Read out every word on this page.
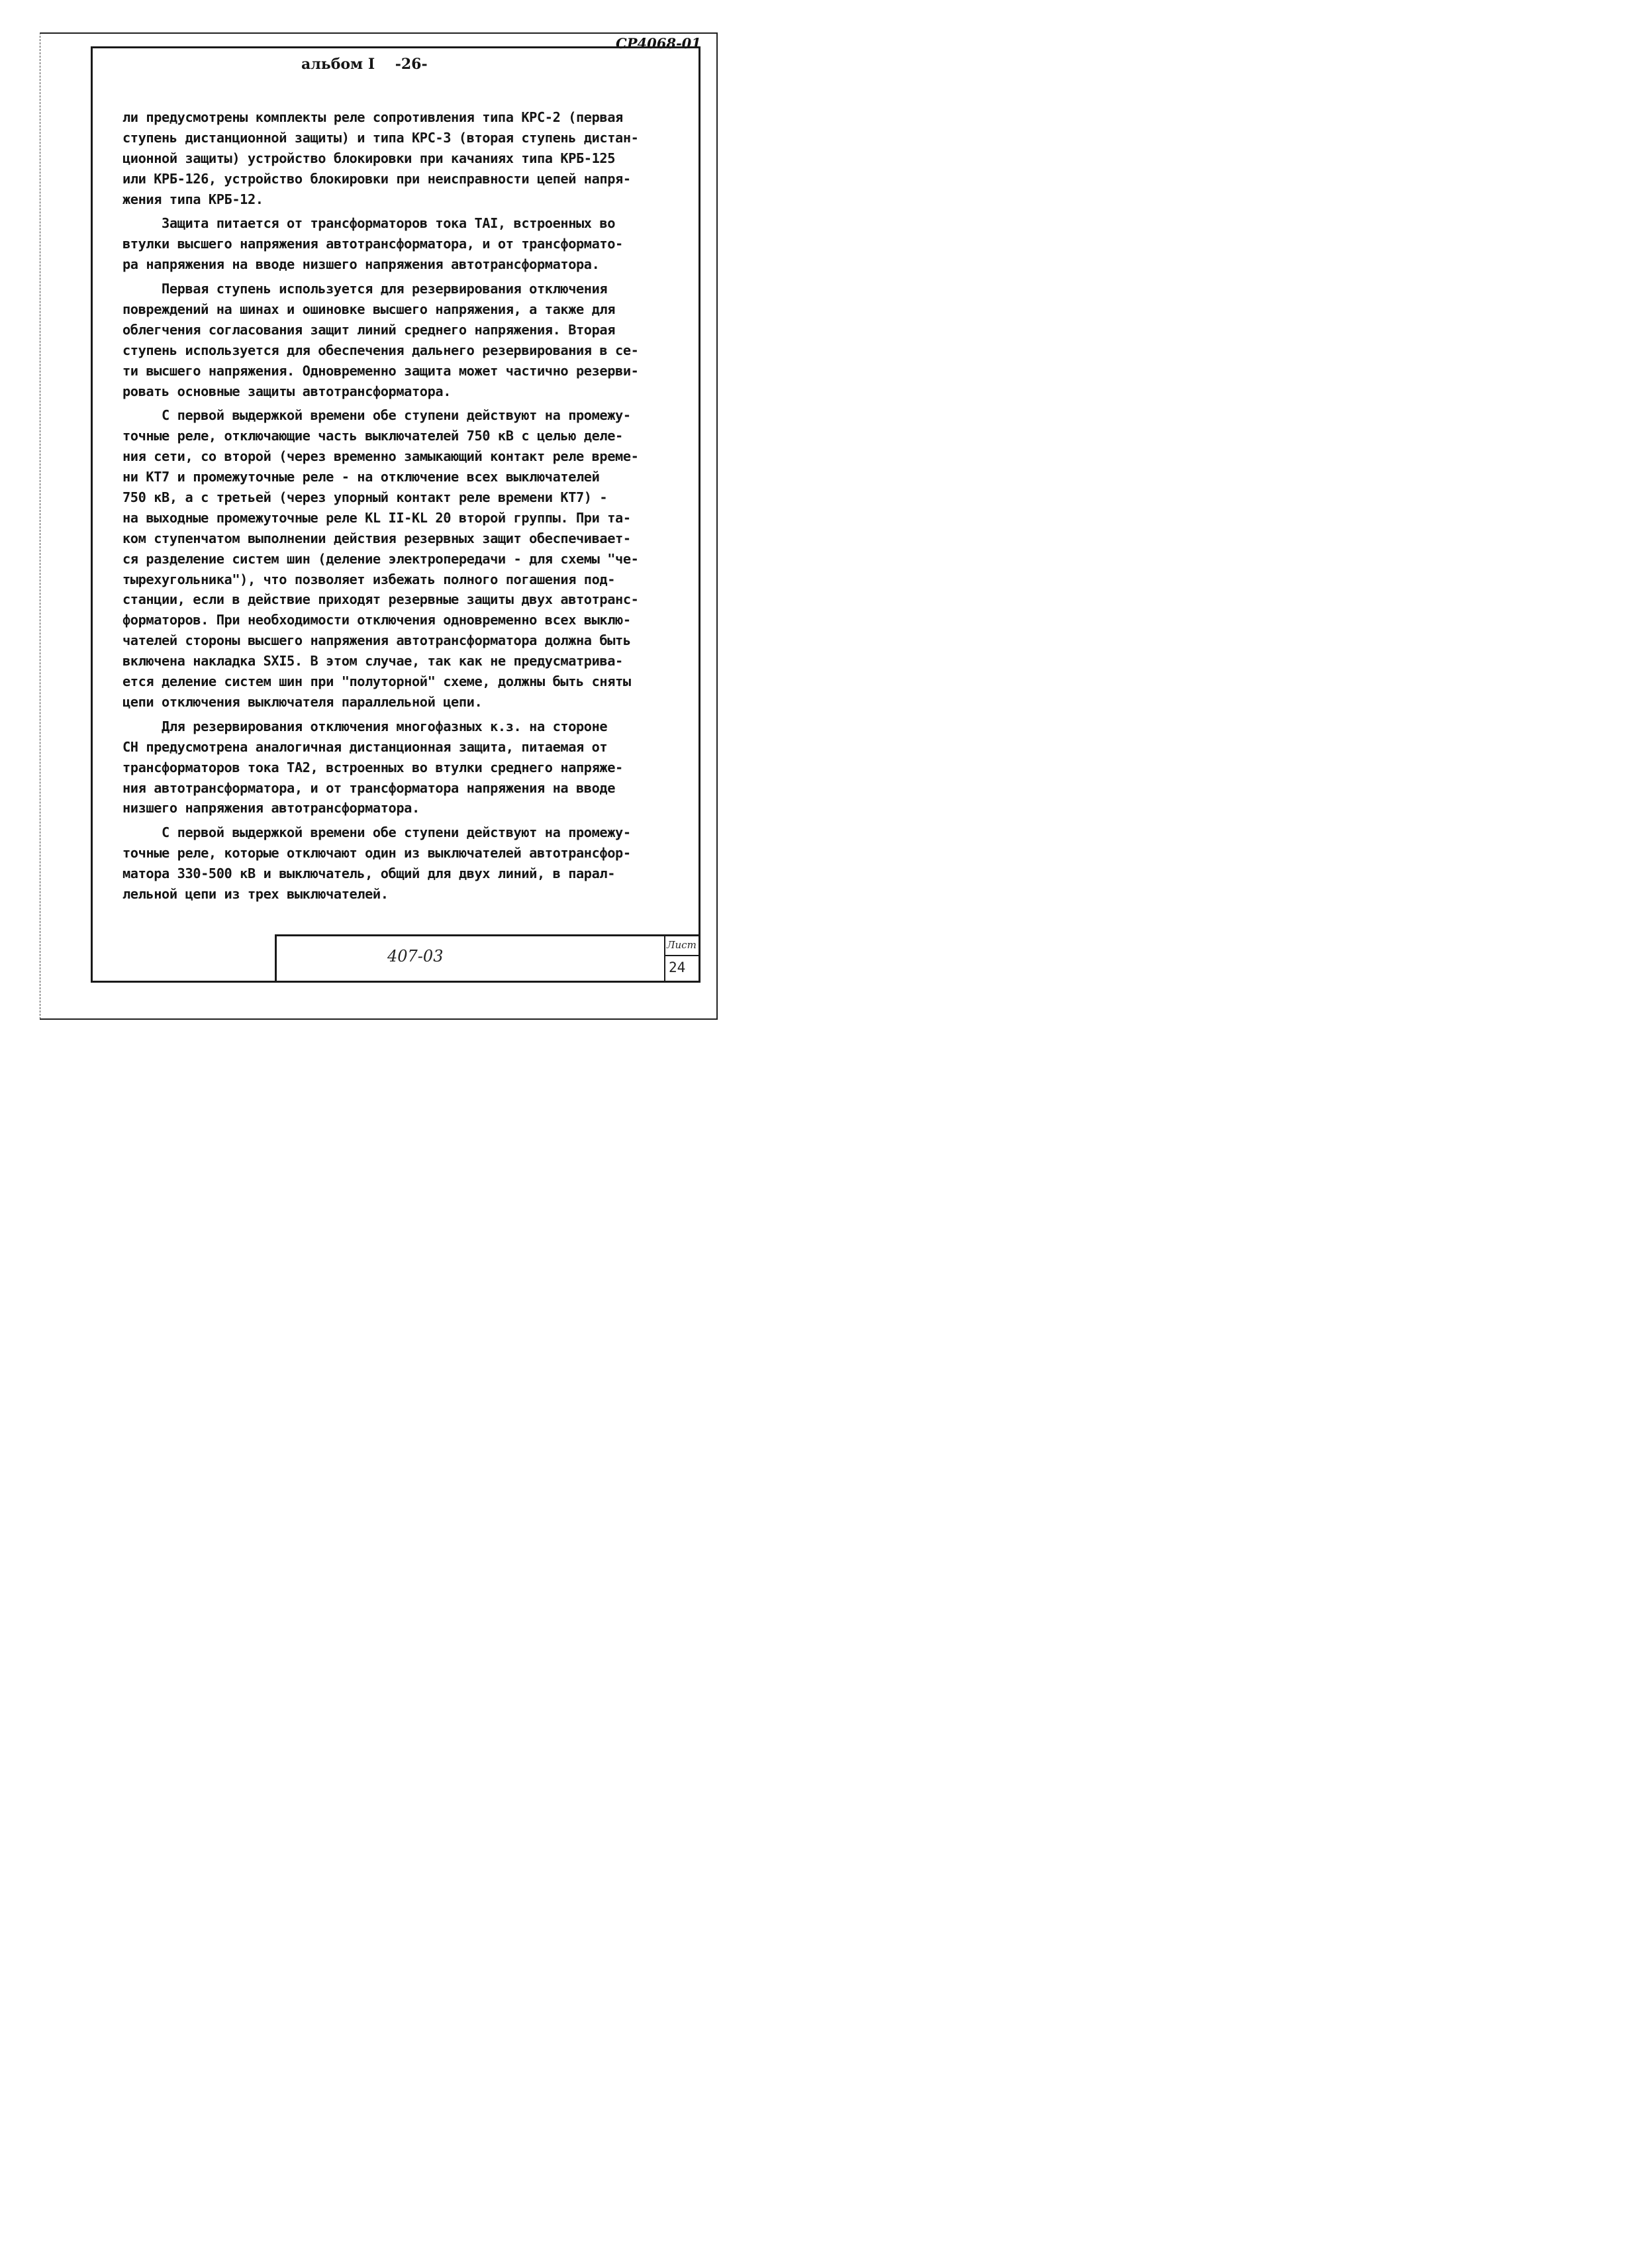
СР4068-01
альбом I    -26-
ли предусмотрены комплекты реле сопротивления типа КРС-2 (первая
ступень дистанционной защиты) и типа КРС-3 (вторая ступень дистан-
ционной защиты) устройство блокировки при качаниях типа КРБ-125
или КРБ-126, устройство блокировки при неисправности цепей напря-
жения типа КРБ-12.
Защита питается от трансформаторов тока ТАI, встроенных во
втулки высшего напряжения автотрансформатора, и от трансформато-
ра напряжения на вводе низшего напряжения автотрансформатора.
Первая ступень используется для резервирования отключения
повреждений на шинах и ошиновке высшего напряжения, а также для
облегчения согласования защит линий среднего напряжения. Вторая
ступень используется для обеспечения дальнего резервирования в се-
ти высшего напряжения. Одновременно защита может частично резерви-
ровать основные защиты автотрансформатора.
С первой выдержкой времени обе ступени действуют на промежу-
точные реле, отключающие часть выключателей 750 кВ с целью деле-
ния сети, со второй (через временно замыкающий контакт реле време-
ни КТ7 и промежуточные реле - на отключение всех выключателей
750 кВ, а с третьей (через упорный контакт реле времени КТ7) -
на выходные промежуточные реле КL II-КL 20 второй группы. При та-
ком ступенчатом выполнении действия резервных защит обеспечивает-
ся разделение систем шин (деление электропередачи - для схемы "че-
тырехугольника"), что позволяет избежать полного погашения под-
станции, если в действие приходят резервные защиты двух автотранс-
форматоров. При необходимости отключения одновременно всех выклю-
чателей стороны высшего напряжения автотрансформатора должна быть
включена накладка SXI5. В этом случае, так как не предусматрива-
ется деление систем шин при "полуторной" схеме, должны быть сняты
цепи отключения выключателя параллельной цепи.
Для резервирования отключения многофазных к.з. на стороне
СН предусмотрена аналогичная дистанционная защита, питаемая от
трансформаторов тока ТА2, встроенных во втулки среднего напряже-
ния автотрансформатора, и от трансформатора напряжения на вводе
низшего напряжения автотрансформатора.
С первой выдержкой времени обе ступени действуют на промежу-
точные реле, которые отключают один из выключателей автотрансфор-
матора 330-500 кВ и выключатель, общий для двух линий, в парал-
лельной цепи из трех выключателей.
407-03
Лист
24
